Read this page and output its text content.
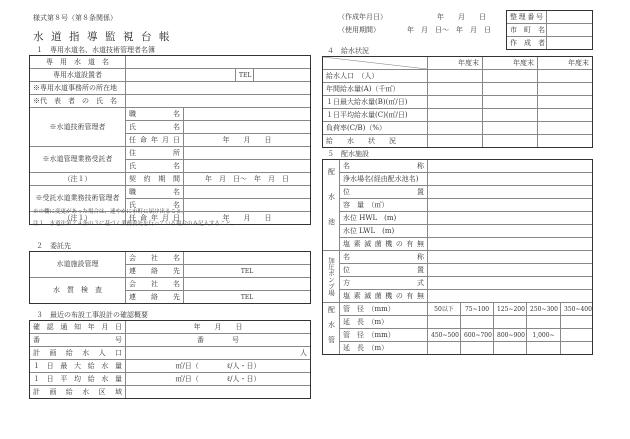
様式第８号（第８条関係）
水道指導監視台帳
（作成年月日）	年　　月　　日
（使用期間）	年　月　日～　年　月　日
整理番号	
市　町　名	
作　成　者	
１　専用水道名、水道技術管理者名簿
専　用　水　道　名				
専用水道設置者			TEL	
※専用水道事務所の所在地				
※代　表　者　の　氏　名				
※水道技術管理者	職　　　名			
	氏　　　名			
	任命年月日	年　　月　　日		
※水道管理業務受託者	住　　　所			
	氏　　　名			
（注１）	契約期間	年　月　日～　年　月　日		
※受託水道業務技術管理者	職　　　名			
	氏　　　名			
（注１）	任命年月日	年　　月　　日		
※の欄に変更があった場合は、速やかに市町に届け出ること。
注１　水道法第２４条の３に基づく業務委託を行っている場合のみ記入すること。
２　委託先
水道施設管理	会　社　名	
	連　絡　先	TEL
水　質　検　査	会　社　名	
	連　絡　先	TEL
３　最近の布設工事設計の確認概要
確認通知年月日	年　　月　　日
番　　　　　号	番　　　　号
計画給水人口	人
１日最大給水量	㎥/日（　　　　ℓ/人・日）
１日平均給水量	㎥/日（　　　　ℓ/人・日）
計画給水区域	
４　給水状況
	年度末	年度末	年度末
給水人口　（人）			
年間給水量(A)（千㎥）			
１日最大給水量(B)(㎥/日)			
１日平均給水量(C)(㎥/日)			
負荷率(C/B)（%）			
給　　水　　状　　況			
５　配水施設
配水池	名　　　称					
	浄水場名(経由配水池名)					
	位　　　置					
	容　量　（㎥）					
	水位 HWL　(m)					
	水位 LWL　(m)					
	塩素滅菌機の有無					
加圧ポンプ場	名　　　称					
	位　　　置					
	方　　　式					
	塩素滅菌機の有無					
配水管	管　径　（mm）	50以下	75~100	125~200	250~300	350~400
	延　長　（m）					
	管　径　（mm）	450~500	600~700	800~900	1,000~	
	延　長　（m）					
